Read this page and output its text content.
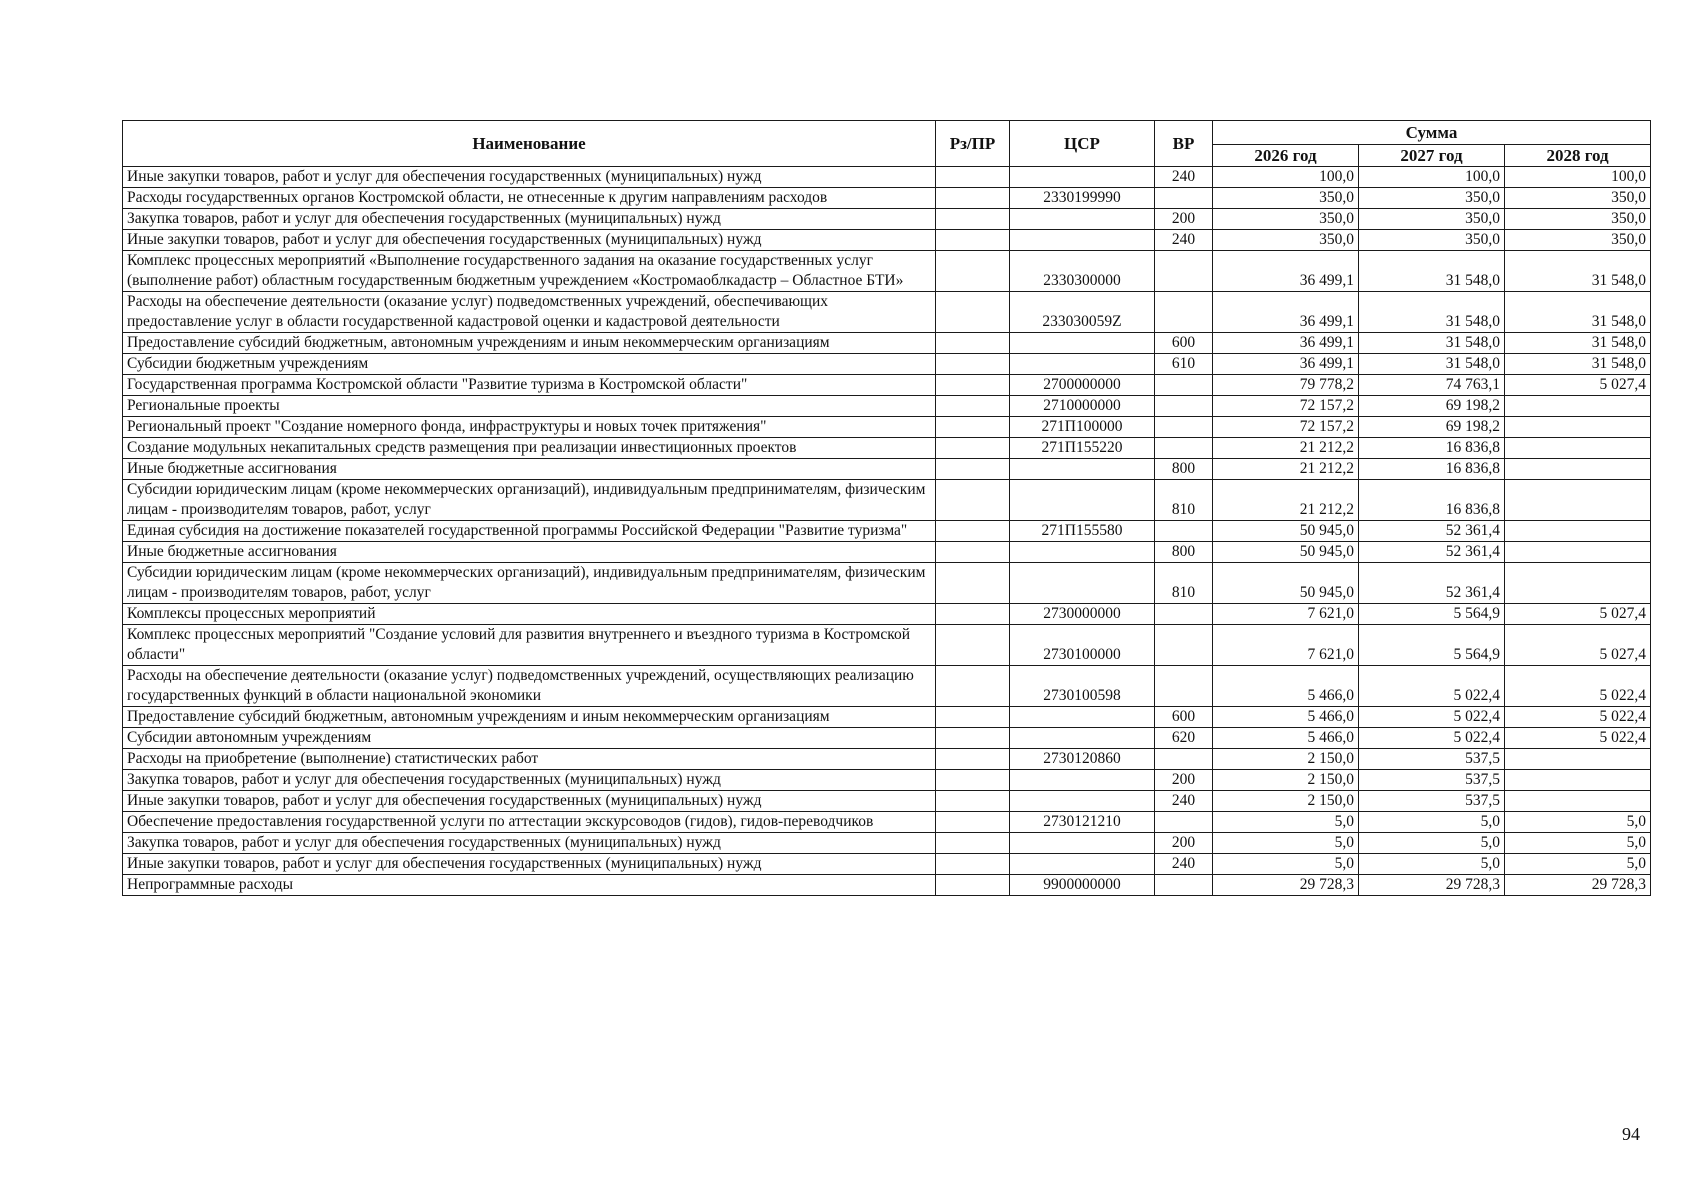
Наименование	Рз/ПР	ЦСР	ВР	Сумма		
				2026 год	2027 год	2028 год
Иные закупки товаров, работ и услуг для обеспечения государственных (муниципальных) нужд			240	100,0	100,0	100,0
Расходы государственных органов Костромской области, не отнесенные к другим направлениям расходов		2330199990		350,0	350,0	350,0
Закупка товаров, работ и услуг для обеспечения государственных (муниципальных) нужд			200	350,0	350,0	350,0
Иные закупки товаров, работ и услуг для обеспечения государственных (муниципальных) нужд			240	350,0	350,0	350,0
Комплекс процессных мероприятий «Выполнение государственного задания на оказание государственных услуг (выполнение работ) областным государственным бюджетным учреждением «Костромаоблкадастр – Областное БТИ»		2330300000		36 499,1	31 548,0	31 548,0
Расходы на обеспечение деятельности (оказание услуг) подведомственных учреждений, обеспечивающих предоставление услуг в области государственной кадастровой оценки и кадастровой деятельности		233030059Z		36 499,1	31 548,0	31 548,0
Предоставление субсидий бюджетным, автономным учреждениям и иным некоммерческим организациям			600	36 499,1	31 548,0	31 548,0
Субсидии бюджетным учреждениям			610	36 499,1	31 548,0	31 548,0
Государственная программа Костромской области "Развитие туризма в Костромской области"		2700000000		79 778,2	74 763,1	5 027,4
Региональные проекты		2710000000		72 157,2	69 198,2	
Региональный проект "Создание номерного фонда, инфраструктуры и новых точек притяжения"		271П100000		72 157,2	69 198,2	
Создание модульных некапитальных средств размещения при реализации инвестиционных проектов		271П155220		21 212,2	16 836,8	
Иные бюджетные ассигнования			800	21 212,2	16 836,8	
Субсидии юридическим лицам (кроме некоммерческих организаций), индивидуальным предпринимателям, физическим лицам - производителям товаров, работ, услуг			810	21 212,2	16 836,8	
Единая субсидия на достижение показателей государственной программы Российской Федерации "Развитие туризма"		271П155580		50 945,0	52 361,4	
Иные бюджетные ассигнования			800	50 945,0	52 361,4	
Субсидии юридическим лицам (кроме некоммерческих организаций), индивидуальным предпринимателям, физическим лицам - производителям товаров, работ, услуг			810	50 945,0	52 361,4	
Комплексы процессных мероприятий		2730000000		7 621,0	5 564,9	5 027,4
Комплекс процессных мероприятий "Создание условий для развития внутреннего и въездного туризма в Костромской области"		2730100000		7 621,0	5 564,9	5 027,4
Расходы на обеспечение деятельности (оказание услуг) подведомственных учреждений, осуществляющих реализацию государственных функций в области национальной экономики		2730100598		5 466,0	5 022,4	5 022,4
Предоставление субсидий бюджетным, автономным учреждениям и иным некоммерческим организациям			600	5 466,0	5 022,4	5 022,4
Субсидии автономным учреждениям			620	5 466,0	5 022,4	5 022,4
Расходы на приобретение (выполнение) статистических работ		2730120860		2 150,0	537,5	
Закупка товаров, работ и услуг для обеспечения государственных (муниципальных) нужд			200	2 150,0	537,5	
Иные закупки товаров, работ и услуг для обеспечения государственных (муниципальных) нужд			240	2 150,0	537,5	
Обеспечение предоставления государственной услуги по аттестации экскурсоводов (гидов), гидов-переводчиков		2730121210		5,0	5,0	5,0
Закупка товаров, работ и услуг для обеспечения государственных (муниципальных) нужд			200	5,0	5,0	5,0
Иные закупки товаров, работ и услуг для обеспечения государственных (муниципальных) нужд			240	5,0	5,0	5,0
Непрограммные расходы		9900000000		29 728,3	29 728,3	29 728,3
94
